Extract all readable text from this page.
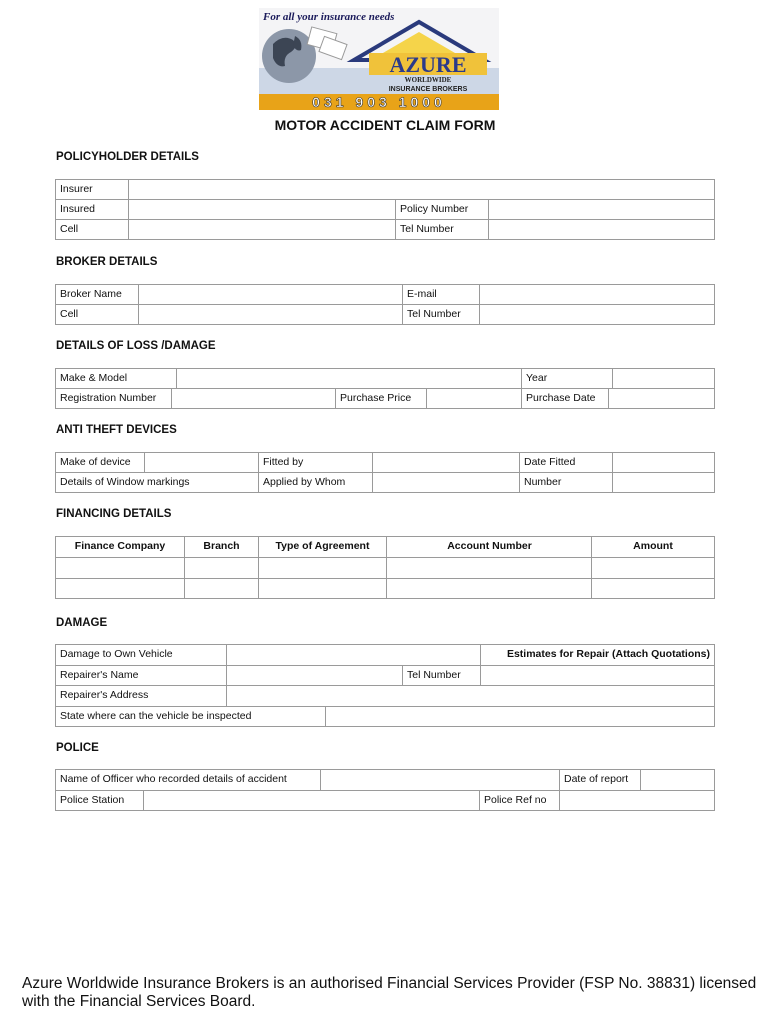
For all your insurance needs
AZURE
WORLDWIDE
INSURANCE BROKERS
031 903 1000
MOTOR ACCIDENT CLAIM FORM
POLICYHOLDER DETAILS
Insurer
Insured	Policy Number
Cell	Tel Number
BROKER DETAILS
Broker Name	E-mail
Cell	Tel Number
DETAILS OF LOSS /DAMAGE
Make & Model	Year
Registration Number	Purchase Price	Purchase Date
ANTI THEFT DEVICES
Make of device	Fitted by	Date Fitted
Details of Window markings	Applied by Whom	Number
FINANCING DETAILS
Finance Company	Branch	Type of Agreement	Account Number	Amount
DAMAGE
Damage to Own Vehicle	Estimates for Repair (Attach Quotations)
Repairer's Name	Tel Number
Repairer's Address
State where can the vehicle be inspected
POLICE
Name of Officer who recorded details of accident	Date of report
Police Station	Police Ref no
Azure Worldwide Insurance Brokers is an authorised Financial Services Provider (FSP No. 38831) licensed with the Financial Services Board.
